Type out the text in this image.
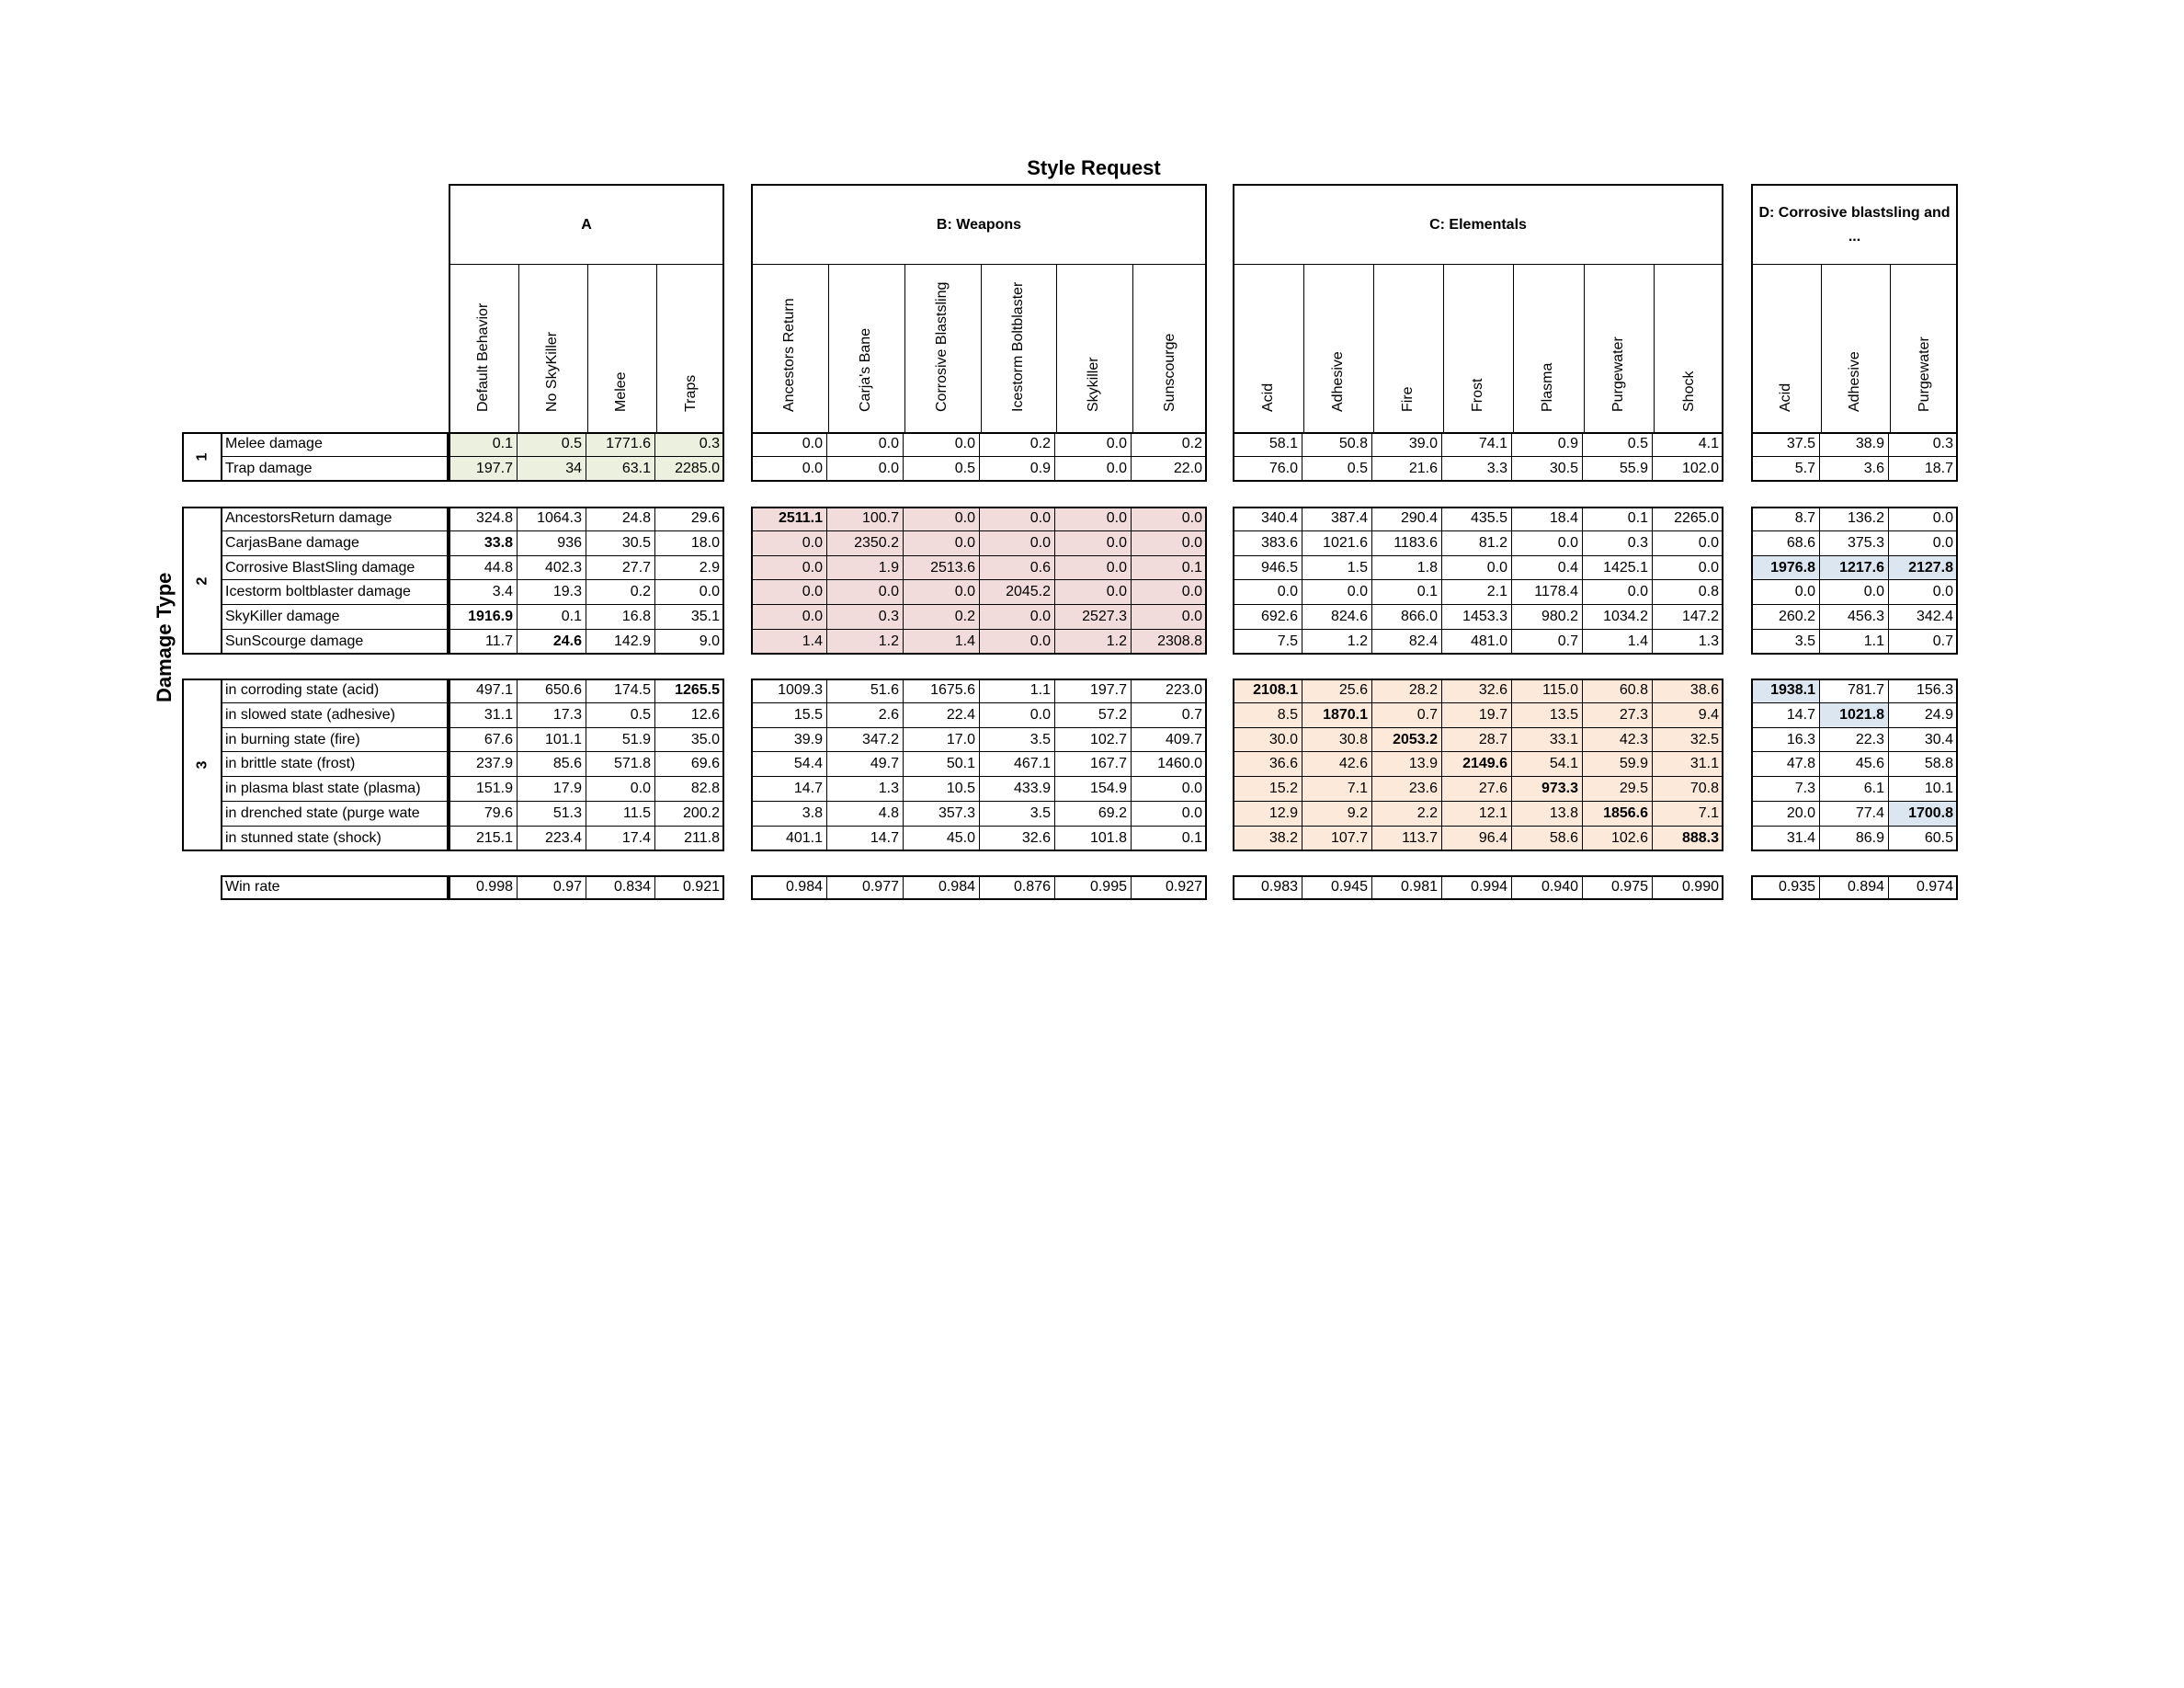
Style Request
Damage Type
A
Default Behavior	No SkyKiller	Melee	Traps
B: Weapons
Ancestors Return	Carja's Bane	Corrosive Blastsling	Icestorm Boltblaster	Skykiller	Sunscourge
C: Elementals
Acid	Adhesive	Fire	Frost	Plasma	Purgewater	Shock
D: Corrosive blastsling and ...
Acid	Adhesive	Purgewater
1
Melee damage	0.1	0.5	1771.6	0.3	0.0	0.0	0.0	0.2	0.0	0.2	58.1	50.8	39.0	74.1	0.9	0.5	4.1	37.5	38.9	0.3
Trap damage	197.7	34	63.1	2285.0	0.0	0.0	0.5	0.9	0.0	22.0	76.0	0.5	21.6	3.3	30.5	55.9	102.0	5.7	3.6	18.7
2
AncestorsReturn damage	324.8	1064.3	24.8	29.6	2511.1	100.7	0.0	0.0	0.0	0.0	340.4	387.4	290.4	435.5	18.4	0.1	2265.0	8.7	136.2	0.0
CarjasBane damage	33.8	936	30.5	18.0	0.0	2350.2	0.0	0.0	0.0	0.0	383.6	1021.6	1183.6	81.2	0.0	0.3	0.0	68.6	375.3	0.0
Corrosive BlastSling damage	44.8	402.3	27.7	2.9	0.0	1.9	2513.6	0.6	0.0	0.1	946.5	1.5	1.8	0.0	0.4	1425.1	0.0	1976.8	1217.6	2127.8
Icestorm boltblaster damage	3.4	19.3	0.2	0.0	0.0	0.0	0.0	2045.2	0.0	0.0	0.0	0.0	0.1	2.1	1178.4	0.0	0.8	0.0	0.0	0.0
SkyKiller damage	1916.9	0.1	16.8	35.1	0.0	0.3	0.2	0.0	2527.3	0.0	692.6	824.6	866.0	1453.3	980.2	1034.2	147.2	260.2	456.3	342.4
SunScourge damage	11.7	24.6	142.9	9.0	1.4	1.2	1.4	0.0	1.2	2308.8	7.5	1.2	82.4	481.0	0.7	1.4	1.3	3.5	1.1	0.7
3
in corroding state (acid)	497.1	650.6	174.5	1265.5	1009.3	51.6	1675.6	1.1	197.7	223.0	2108.1	25.6	28.2	32.6	115.0	60.8	38.6	1938.1	781.7	156.3
in slowed state (adhesive)	31.1	17.3	0.5	12.6	15.5	2.6	22.4	0.0	57.2	0.7	8.5	1870.1	0.7	19.7	13.5	27.3	9.4	14.7	1021.8	24.9
in burning state (fire)	67.6	101.1	51.9	35.0	39.9	347.2	17.0	3.5	102.7	409.7	30.0	30.8	2053.2	28.7	33.1	42.3	32.5	16.3	22.3	30.4
in brittle state (frost)	237.9	85.6	571.8	69.6	54.4	49.7	50.1	467.1	167.7	1460.0	36.6	42.6	13.9	2149.6	54.1	59.9	31.1	47.8	45.6	58.8
in plasma blast state (plasma)	151.9	17.9	0.0	82.8	14.7	1.3	10.5	433.9	154.9	0.0	15.2	7.1	23.6	27.6	973.3	29.5	70.8	7.3	6.1	10.1
in drenched state (purge wate	79.6	51.3	11.5	200.2	3.8	4.8	357.3	3.5	69.2	0.0	12.9	9.2	2.2	12.1	13.8	1856.6	7.1	20.0	77.4	1700.8
in stunned state (shock)	215.1	223.4	17.4	211.8	401.1	14.7	45.0	32.6	101.8	0.1	38.2	107.7	113.7	96.4	58.6	102.6	888.3	31.4	86.9	60.5
Win rate	0.998	0.97	0.834	0.921	0.984	0.977	0.984	0.876	0.995	0.927	0.983	0.945	0.981	0.994	0.940	0.975	0.990	0.935	0.894	0.974
